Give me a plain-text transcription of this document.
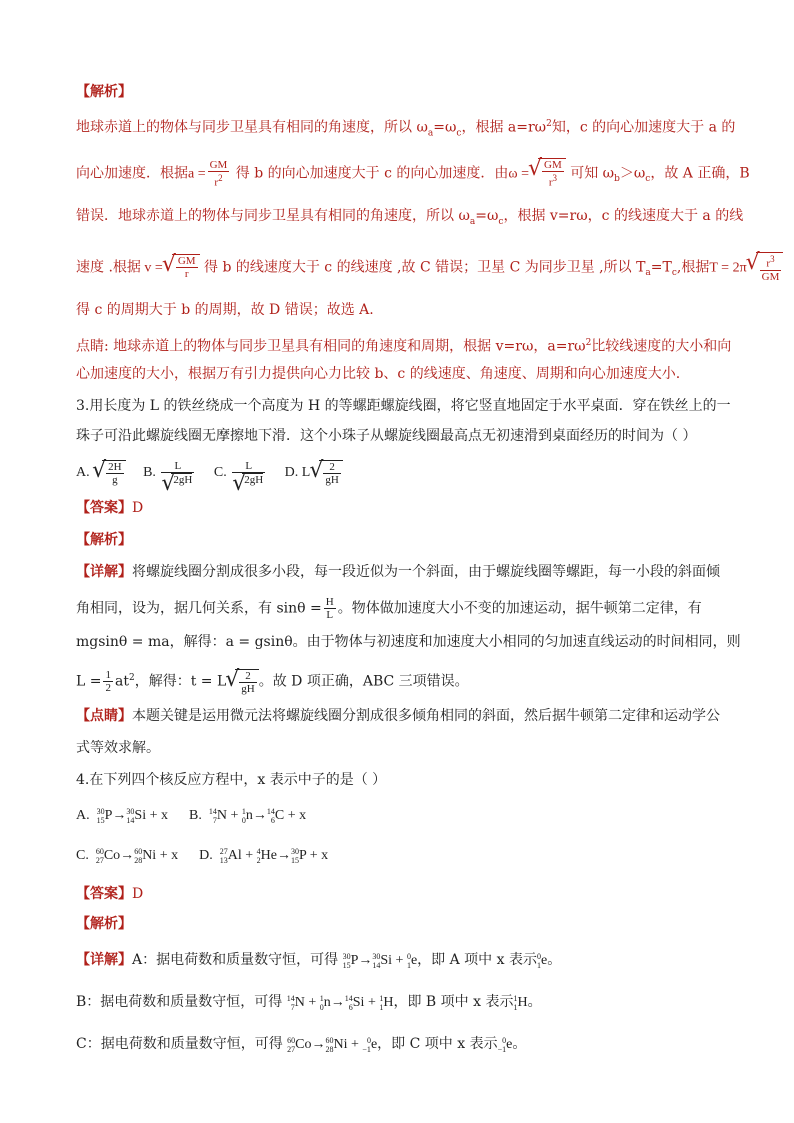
【解析】
地球赤道上的物体与同步卫星具有相同的角速度，所以 $\omega_a=\omega_c$，根据 $a=r\omega^2$知，c 的向心加速度大于 a 的
向心加速度．根据$a = \frac{GM}{r^2}$ 得 b 的向心加速度大于 c 的向心加速度．由ω = √ $\frac{GM}{r^3}$ 可知 $\omega_b>\omega_c$，故 A 正确，B
错误．地球赤道上的物体与同步卫星具有相同的角速度，所以 $\omega_a=\omega_c$，根据 v=rω，c 的线速度大于 a 的线
速度 .根据 v = √ $\frac{GM}{r}$ 得 b 的线速度大于 c 的线速度 ,故 C 错误；卫星 C 为同步卫星 ,所以 $T_a=T_c$,根据T = 2π √ $\frac{r^3}{GM}$
得 c 的周期大于 b 的周期，故 D 错误；故选 A.
点睛: 地球赤道上的物体与同步卫星具有相同的角速度和周期，根据 v=rω，$a=r\omega^2$比较线速度的大小和向
心加速度的大小，根据万有引力提供向心力比较 b、c 的线速度、角速度、周期和向心加速度大小.
3.用长度为 L 的铁丝绕成一个高度为 H 的等螺距螺旋线圈，将它竖直地固定于水平桌面．穿在铁丝上的一
珠子可沿此螺旋线圈无摩擦地下滑．这个小珠子从螺旋线圈最高点无初速滑到桌面经历的时间为（ ）
A. √ $\frac{2H}{g} B$. L
√ 2gH C. L
√ 2gH D. L √ $\frac{2}{gH}$
【答案】D
【解析】
【详解】将螺旋线圈分割成很多小段，每一段近似为一个斜面，由于螺旋线圈等螺距，每一小段的斜面倾
角相同，设为，据几何关系，有 $\sin\theta = \frac{H}{L}$ 。物体做加速度大小不变的加速运动，据牛顿第二定律，有
mgsinθ = ma，解得：a = gsinθ。由于物体与初速度和加速度大小相同的匀加速直线运动的时间相同，则
$L = \frac{1}{2} at^2$，解得：t = L √ $\frac{2}{gH}$ 。故 D 项正确，ABC 三项错误。
【点睛】本题关键是运用微元法将螺旋线圈分割成很多倾角相同的斜面，然后据牛顿第二定律和运动学公
式等效求解。
4.在下列四个核反应方程中，x 表示中子的是（ ）
A. 30
15 P→ 30
14 Si + x      B. 14
7 N + 1
0 n→ 14
6 C + x
C. 60
27 Co→ 60
28 Ni + x      D. 27
13 Al + 4
2 He→ 30
15 P + x
【答案】D
【解析】
【详解】A：据电荷数和质量数守恒，可得 30
15 P→ 30
14 Si + 0
1 e，即 A 项中 x 表示 0
1 e。
B：据电荷数和质量数守恒，可得 14
7 N + 1
0 n→ 14
6 Si + 1
1 H，即 B 项中 x 表示 1
1 H。
C：据电荷数和质量数守恒，可得 60
27 Co→ 60
28 Ni + 0
−1 e，即 C 项中 x 表示 0
−1 e。
